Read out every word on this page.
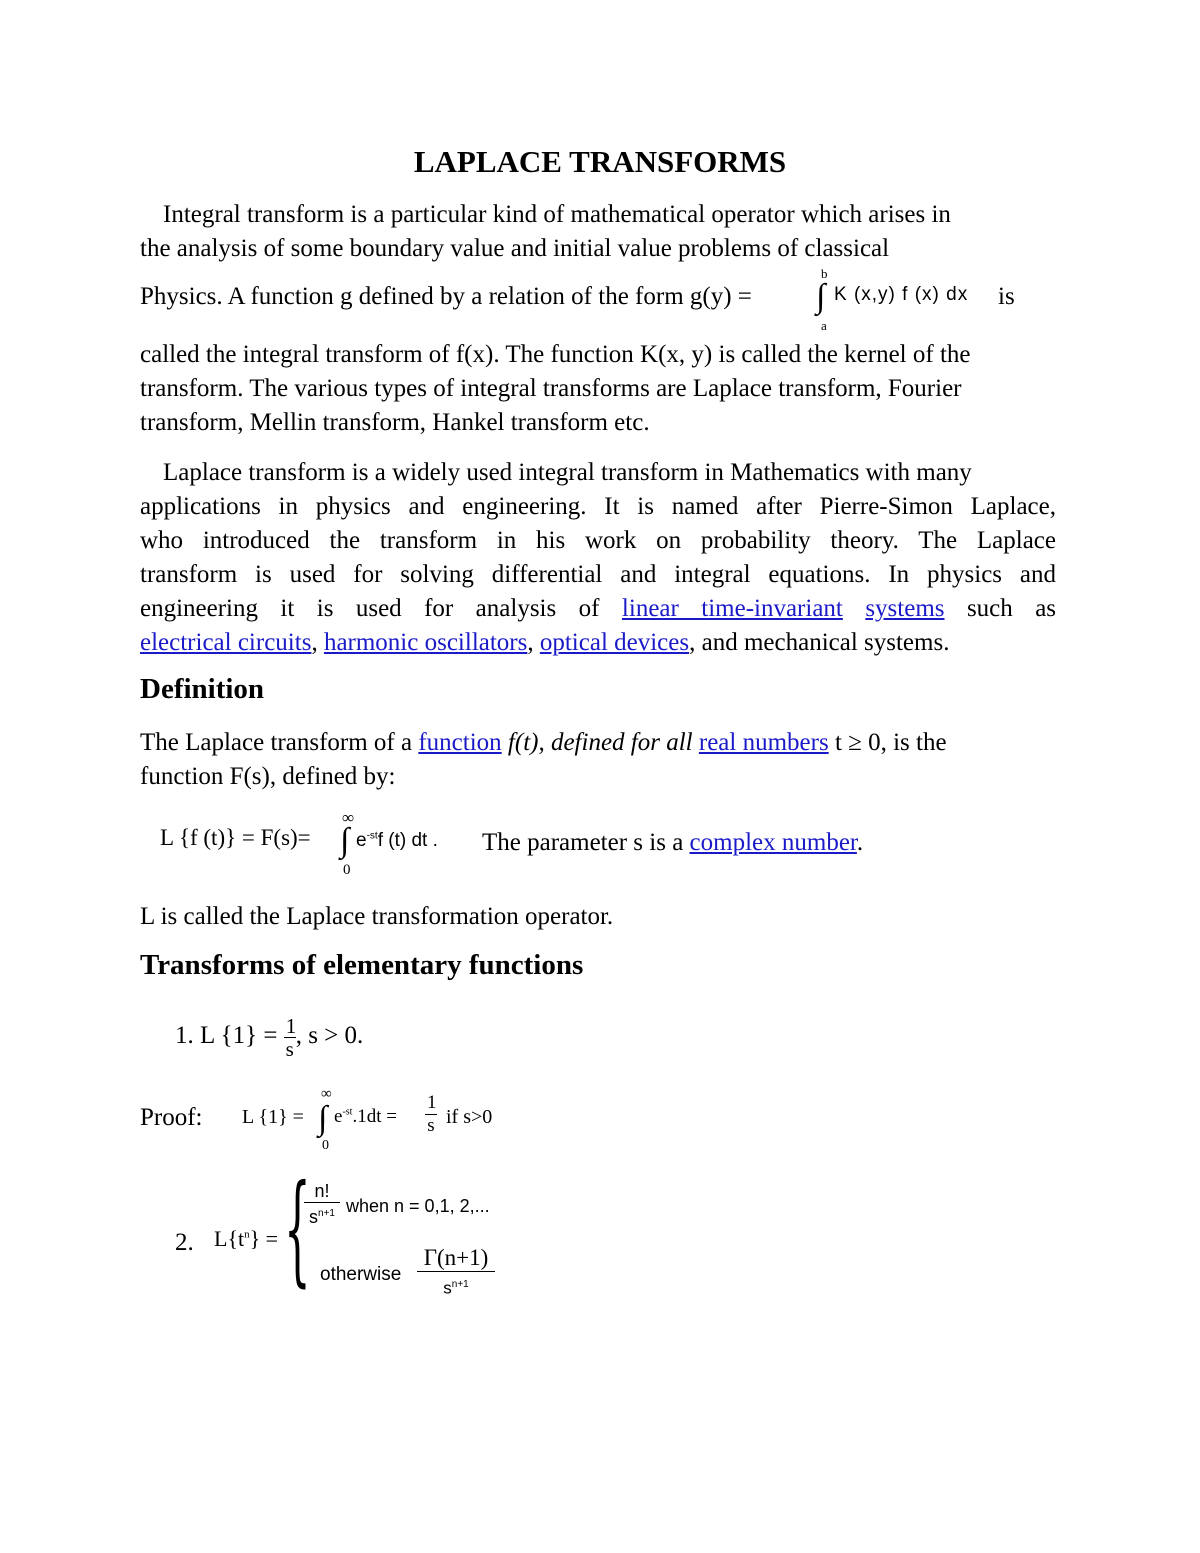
LAPLACE TRANSFORMS
Integral transform is a particular kind of mathematical operator which arises in
the analysis of some boundary value and initial value problems of classical
Physics. A function g defined by a relation of the form g(y) =
b
∫
a
K (x,y) f (x) dx is
called the integral transform of f(x). The function K(x, y) is called the kernel of the
transform. The various types of integral transforms are Laplace transform, Fourier
transform, Mellin transform, Hankel transform etc.
Laplace transform is a widely used integral transform in Mathematics with many
applications in physics and engineering. It is named after Pierre-Simon Laplace,
who introduced the transform in his work on probability theory. The Laplace
transform is used for solving differential and integral equations. In physics and
engineering it is used for analysis of linear time-invariant systems such as
electrical circuits, harmonic oscillators, optical devices, and mechanical systems.
Definition
The Laplace transform of a function f(t), defined for all real numbers t ≥ 0, is the
function F(s), defined by:
L {f (t)} = F(s)=
∞
∫
0
$e^{-st}f$ (t) dt . The parameter s is a complex number.
L is called the Laplace transformation operator.
Transforms of elementary functions
1. L $\{1\} = \frac{1}{s}$ , s > 0.
Proof: L {1} =
∞
∫
0
$e^{-st}.1dt = \frac{1}{s}$ if s>0
2. $L\{t^n\}$ = {
$\frac{n!}{s^{n+1}}$ when n = 0,1, 2,...
otherwise $\frac{\Gamma(n+1)}{s^{n+1}}$
